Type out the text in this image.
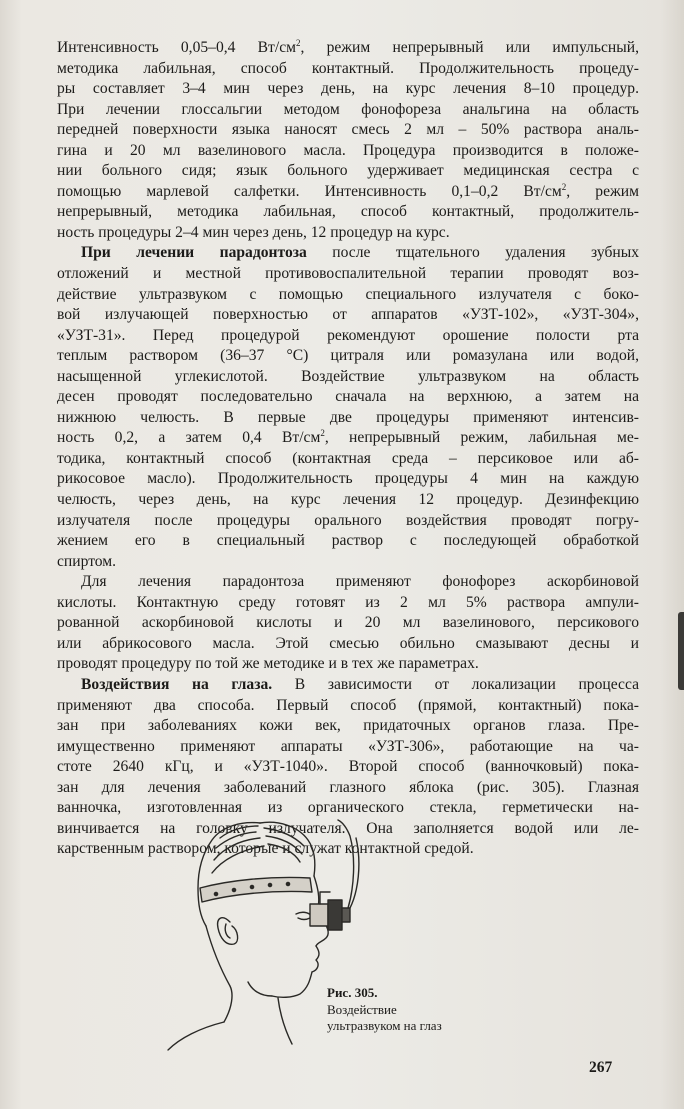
Интенсивность 0,05–0,4 $Вт/см^2$, режим непрерывный или импульсный,
методика лабильная, способ контактный. Продолжительность процеду-
ры составляет 3–4 мин через день, на курс лечения 8–10 процедур.
При лечении глоссальгии методом фонофореза анальгина на область
передней поверхности языка наносят смесь 2 мл – 50% раствора аналь-
гина и 20 мл вазелинового масла. Процедура производится в положе-
нии больного сидя; язык больного удерживает медицинская сестра с
помощью марлевой салфетки. Интенсивность 0,1–0,2 $Вт/см^2$, режим
непрерывный, методика лабильная, способ контактный, продолжитель-
ность процедуры 2–4 мин через день, 12 процедур на курс.
При лечении парадонтоза после тщательного удаления зубных
отложений и местной противовоспалительной терапии проводят воз-
действие ультразвуком с помощью специального излучателя с боко-
вой излучающей поверхностью от аппаратов «УЗТ-102», «УЗТ-304»,
«УЗТ-31». Перед процедурой рекомендуют орошение полости рта
теплым раствором (36–37 °С) цитраля или ромазулана или водой,
насыщенной углекислотой. Воздействие ультразвуком на область
десен проводят последовательно сначала на верхнюю, а затем на
нижнюю челюсть. В первые две процедуры применяют интенсив-
ность 0,2, а затем 0,4 $Вт/см^2$, непрерывный режим, лабильная ме-
тодика, контактный способ (контактная среда – персиковое или аб-
рикосовое масло). Продолжительность процедуры 4 мин на каждую
челюсть, через день, на курс лечения 12 процедур. Дезинфекцию
излучателя после процедуры орального воздействия проводят погру-
жением его в специальный раствор с последующей обработкой
спиртом.
Для лечения парадонтоза применяют фонофорез аскорбиновой
кислоты. Контактную среду готовят из 2 мл 5% раствора ампули-
рованной аскорбиновой кислоты и 20 мл вазелинового, персикового
или абрикосового масла. Этой смесью обильно смазывают десны и
проводят процедуру по той же методике и в тех же параметрах.
Воздействия на глаза. В зависимости от локализации процесса
применяют два способа. Первый способ (прямой, контактный) пока-
зан при заболеваниях кожи век, придаточных органов глаза. Пре-
имущественно применяют аппараты «УЗТ-306», работающие на ча-
стоте 2640 кГц, и «УЗТ-1040». Второй способ (ванночковый) пока-
зан для лечения заболеваний глазного яблока (рис. 305). Глазная
ванночка, изготовленная из органического стекла, герметически на-
винчивается на головку излучателя. Она заполняется водой или ле-
карственным раствором, которые и служат контактной средой.
Рис. 305.
Воздействие
ультразвуком на глаз
267
